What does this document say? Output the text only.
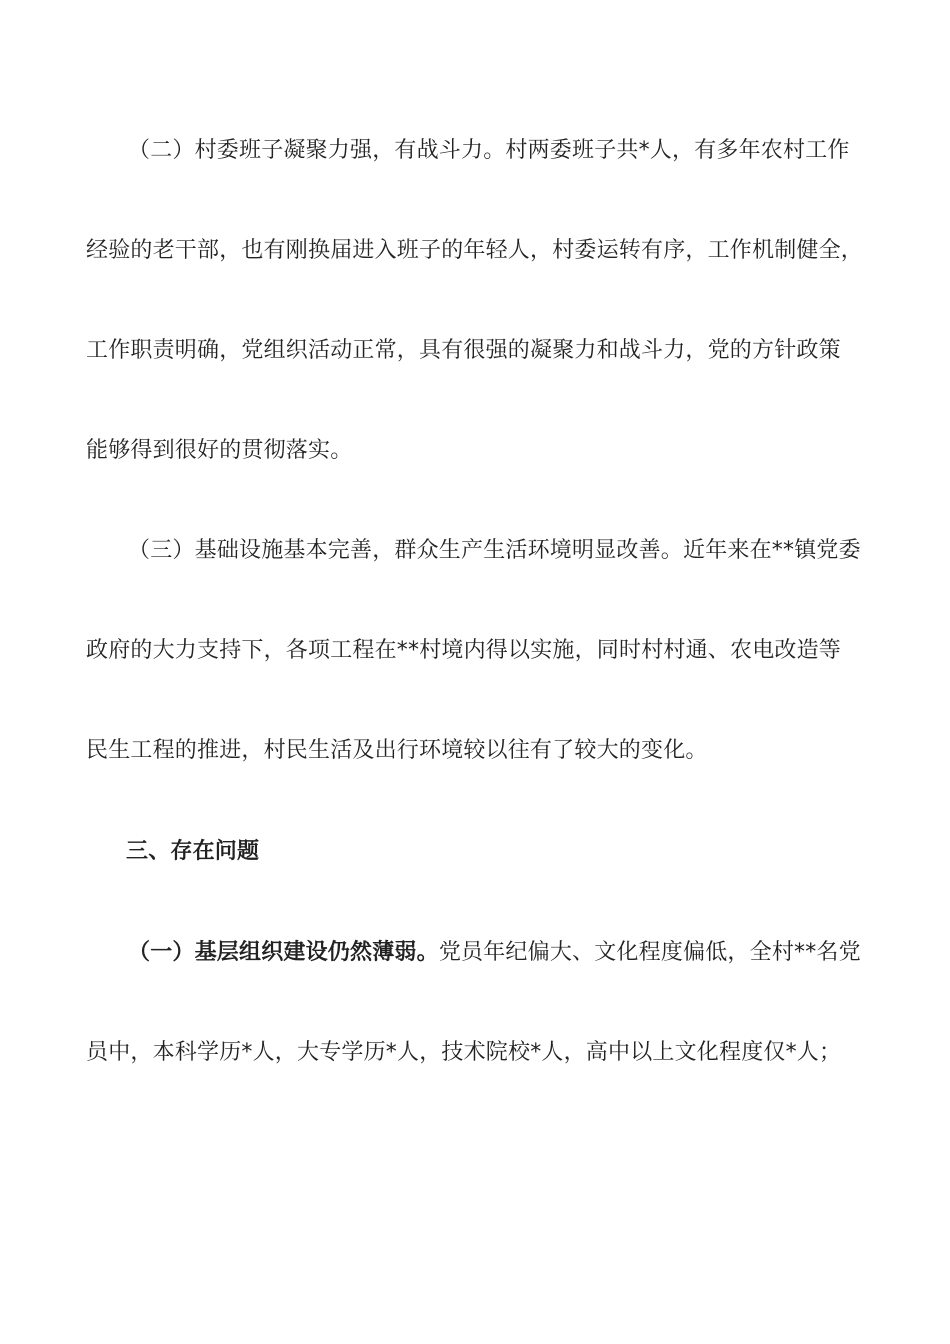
（二）村委班子凝聚力强，有战斗力。村两委班子共*人，有多年农村工作
经验的老干部，也有刚换届进入班子的年轻人，村委运转有序，工作机制健全，
工作职责明确，党组织活动正常，具有很强的凝聚力和战斗力，党的方针政策
能够得到很好的贯彻落实。
（三）基础设施基本完善，群众生产生活环境明显改善。近年来在**镇党委
政府的大力支持下，各项工程在**村境内得以实施，同时村村通、农电改造等
民生工程的推进，村民生活及出行环境较以往有了较大的变化。
三、存在问题
（一）基层组织建设仍然薄弱。党员年纪偏大、文化程度偏低，全村**名党
员中，本科学历*人，大专学历*人，技术院校*人，高中以上文化程度仅*人；
